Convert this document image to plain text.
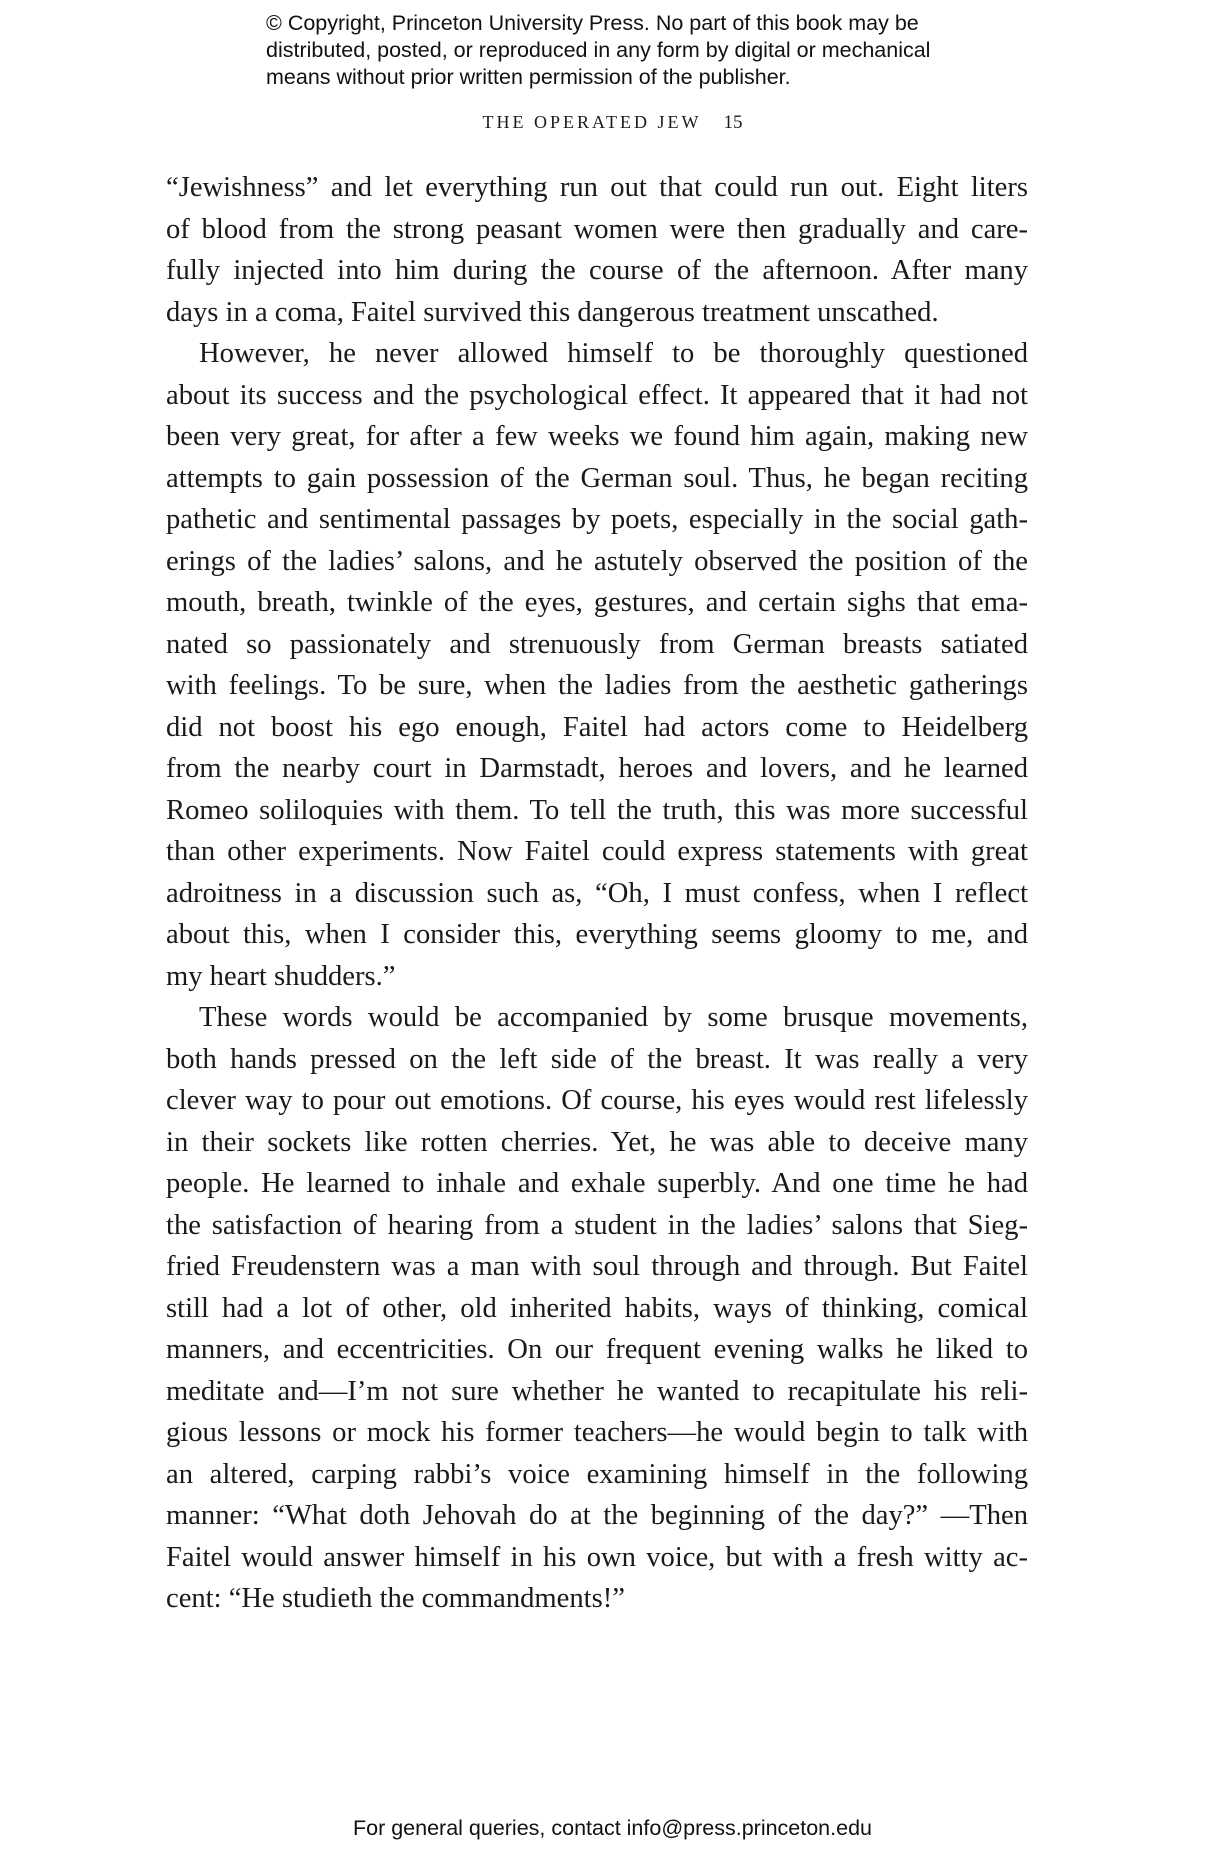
© Copyright, Princeton University Press. No part of this book may be
distributed, posted, or reproduced in any form by digital or mechanical
means without prior written permission of the publisher.
THE OPERATED JEW 15
“Jewishness” and let everything run out that could run out. Eight liters
of blood from the strong peasant women were then gradually and care-
fully injected into him during the course of the afternoon. After many
days in a coma, Faitel survived this dangerous treatment unscathed.
However, he never allowed himself to be thoroughly questioned
about its success and the psychological effect. It appeared that it had not
been very great, for after a few weeks we found him again, making new
attempts to gain possession of the German soul. Thus, he began reciting
pathetic and sentimental passages by poets, especially in the social gath-
erings of the ladies’ salons, and he astutely observed the position of the
mouth, breath, twinkle of the eyes, gestures, and certain sighs that ema-
nated so passionately and strenuously from German breasts satiated
with feelings. To be sure, when the ladies from the aesthetic gatherings
did not boost his ego enough, Faitel had actors come to Heidelberg
from the nearby court in Darmstadt, heroes and lovers, and he learned
Romeo soliloquies with them. To tell the truth, this was more successful
than other experiments. Now Faitel could express statements with great
adroitness in a discussion such as, “Oh, I must confess, when I reflect
about this, when I consider this, everything seems gloomy to me, and
my heart shudders.”
These words would be accompanied by some brusque movements,
both hands pressed on the left side of the breast. It was really a very
clever way to pour out emotions. Of course, his eyes would rest lifelessly
in their sockets like rotten cherries. Yet, he was able to deceive many
people. He learned to inhale and exhale superbly. And one time he had
the satisfaction of hearing from a student in the ladies’ salons that Sieg-
fried Freudenstern was a man with soul through and through. But Faitel
still had a lot of other, old inherited habits, ways of thinking, comical
manners, and eccentricities. On our frequent evening walks he liked to
meditate and—I’m not sure whether he wanted to recapitulate his reli-
gious lessons or mock his former teachers—he would begin to talk with
an altered, carping rabbi’s voice examining himself in the following
manner: “What doth Jehovah do at the beginning of the day?” —Then
Faitel would answer himself in his own voice, but with a fresh witty ac-
cent: “He studieth the commandments!”
For general queries, contact info@press.princeton.edu
